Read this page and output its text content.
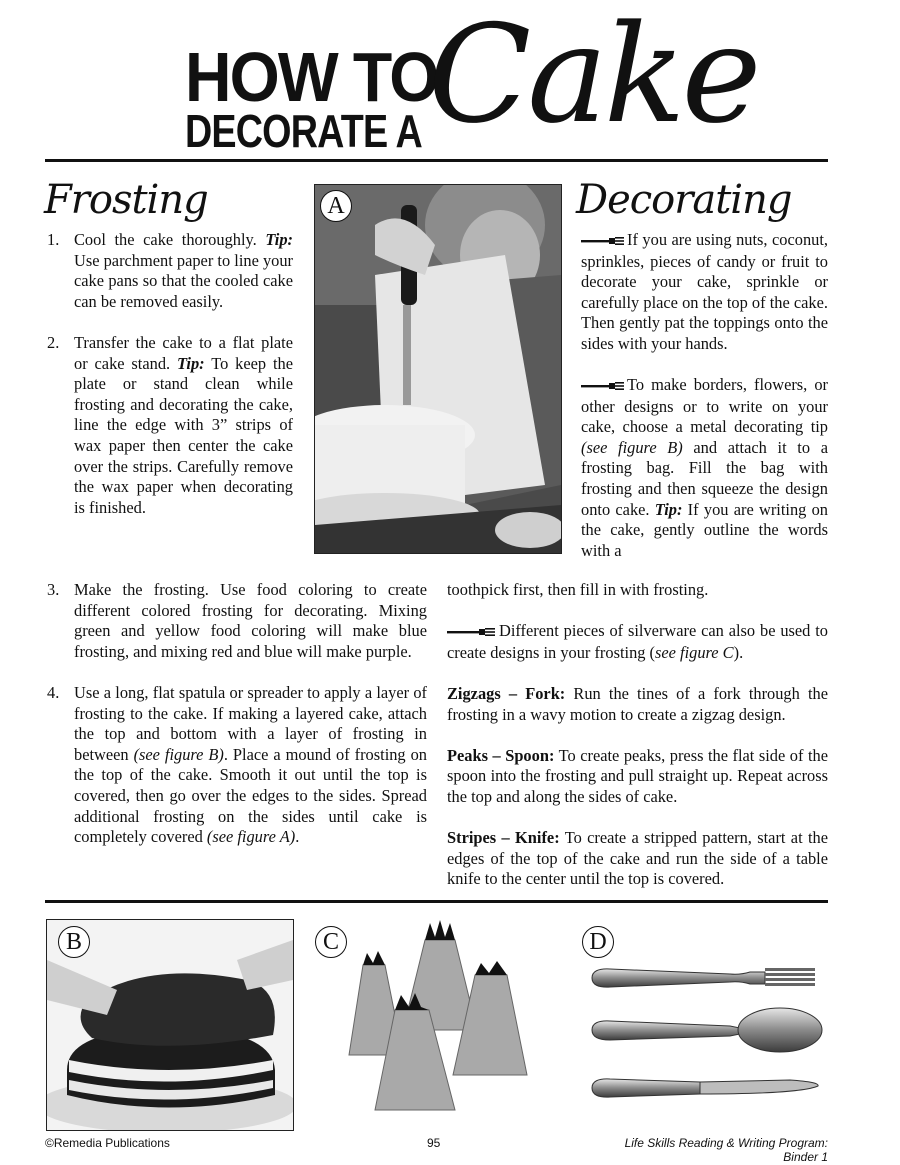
HOW TO
DECORATE A Cake
Frosting
1. Cool the cake thoroughly. Tip: Use parchment paper to line your cake pans so that the cooled cake can be removed easily.
2. Transfer the cake to a flat plate or cake stand. Tip: To keep the plate or stand clean while frosting and decorating the cake, line the edge with 3” strips of wax paper then center the cake over the strips. Carefully remove the wax paper when decorating is finished.
3. Make the frosting. Use food coloring to create different colored frosting for decorating. Mixing green and yellow food coloring will make blue frosting, and mixing red and blue will make purple.
4. Use a long, flat spatula or spreader to apply a layer of frosting to the cake. If making a layered cake, attach the top and bottom with a layer of frosting in between (see figure B). Place a mound of frosting on the top of the cake. Smooth it out until the top is covered, then go over the edges to the sides. Spread additional frosting on the sides until cake is completely covered (see figure A).
A	Decorating

If you are using nuts, coconut, sprinkles, pieces of candy or fruit to decorate your cake, sprinkle or carefully place on the top of the cake. Then gently pat the toppings onto the sides with your hands.

To make borders, flowers, or other designs or to write on your cake, choose a metal decorating tip (see figure B) and attach it to a frosting bag. Fill the bag with frosting and then squeeze the design onto cake. Tip: If you are writing on the cake, gently outline the words with a

toothpick first, then fill in with frosting.

Different pieces of silverware can also be used to create designs in your frosting (see figure C).

Zigzags – Fork: Run the tines of a fork through the frosting in a wavy motion to create a zigzag design.

Peaks – Spoon: To create peaks, press the flat side of the spoon into the frosting and pull straight up. Repeat across the top and along the sides of cake.

Stripes – Knife: To create a stripped pattern, start at the edges of the top of the cake and run the side of a table knife to the center until the top is covered.

B	C	D
©Remedia Publications	95	Life Skills Reading & Writing Program: Binder 1
